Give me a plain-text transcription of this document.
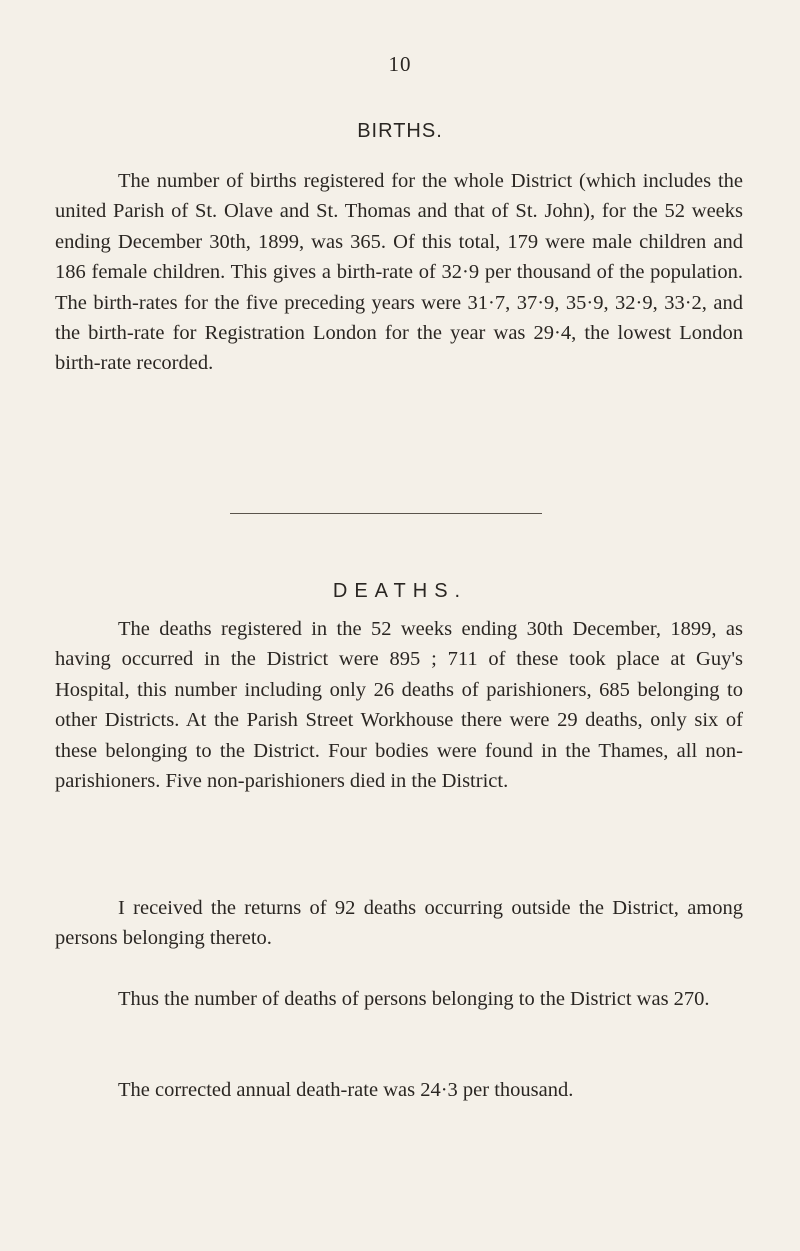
10
BIRTHS.

The number of births registered for the whole District (which includes the united Parish of St. Olave and St. Thomas and that of St. John), for the 52 weeks ending December 30th, 1899, was 365. Of this total, 179 were male children and 186 female children. This gives a birth-rate of 32·9 per thousand of the population. The birth-rates for the five preceding years were 31·7, 37·9, 35·9, 32·9, 33·2, and the birth-rate for Registration London for the year was 29·4, the lowest London birth-rate recorded.

DEATHS.

The deaths registered in the 52 weeks ending 30th December, 1899, as having occurred in the District were 895 ; 711 of these took place at Guy's Hospital, this number including only 26 deaths of parishioners, 685 belonging to other Districts. At the Parish Street Workhouse there were 29 deaths, only six of these belonging to the District. Four bodies were found in the Thames, all non-parishioners. Five non-parishioners died in the District.

I received the returns of 92 deaths occurring outside the District, among persons belonging thereto.

Thus the number of deaths of persons belonging to the District was 270.

The corrected annual death-rate was 24·3 per thousand.
